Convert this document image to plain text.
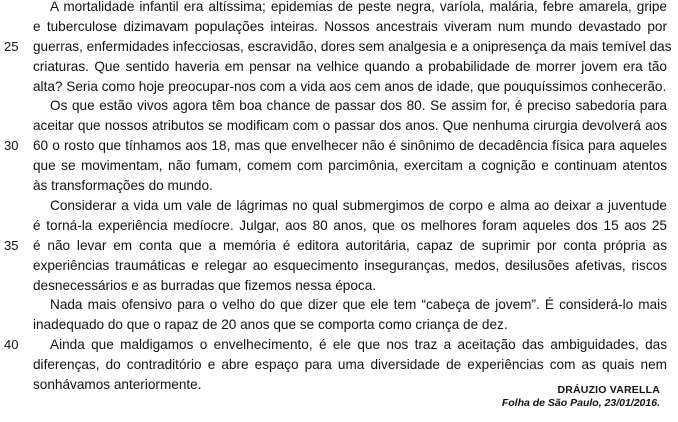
A mortalidade infantil era altíssima; epidemias de peste negra, varíola, malária, febre amarela, gripe
e tuberculose dizimavam populações inteiras. Nossos ancestrais viveram num mundo devastado por
guerras, enfermidades infecciosas, escravidão, dores sem analgesia e a onipresença da mais temível das
criaturas. Que sentido haveria em pensar na velhice quando a probabilidade de morrer jovem era tão
alta? Seria como hoje preocupar-nos com a vida aos cem anos de idade, que pouquíssimos conhecerão.
Os que estão vivos agora têm boa chance de passar dos 80. Se assim for, é preciso sabedoria para
aceitar que nossos atributos se modificam com o passar dos anos. Que nenhuma cirurgia devolverá aos
60 o rosto que tínhamos aos 18, mas que envelhecer não é sinônimo de decadência física para aqueles
que se movimentam, não fumam, comem com parcimônia, exercitam a cognição e continuam atentos
às transformações do mundo.
Considerar a vida um vale de lágrimas no qual submergimos de corpo e alma ao deixar a juventude
é torná-la experiência medíocre. Julgar, aos 80 anos, que os melhores foram aqueles dos 15 aos 25
é não levar em conta que a memória é editora autoritária, capaz de suprimir por conta própria as
experiências traumáticas e relegar ao esquecimento inseguranças, medos, desilusões afetivas, riscos
desnecessários e as burradas que fizemos nessa época.
Nada mais ofensivo para o velho do que dizer que ele tem “cabeça de jovem”. É considerá-lo mais
inadequado do que o rapaz de 20 anos que se comporta como criança de dez.
Ainda que maldigamos o envelhecimento, é ele que nos traz a aceitação das ambiguidades, das
diferenças, do contraditório e abre espaço para uma diversidade de experiências com as quais nem
sonhávamos anteriormente.
25
30
35
40
DRÁUZIO VARELLA
Folha de São Paulo, 23/01/2016.
